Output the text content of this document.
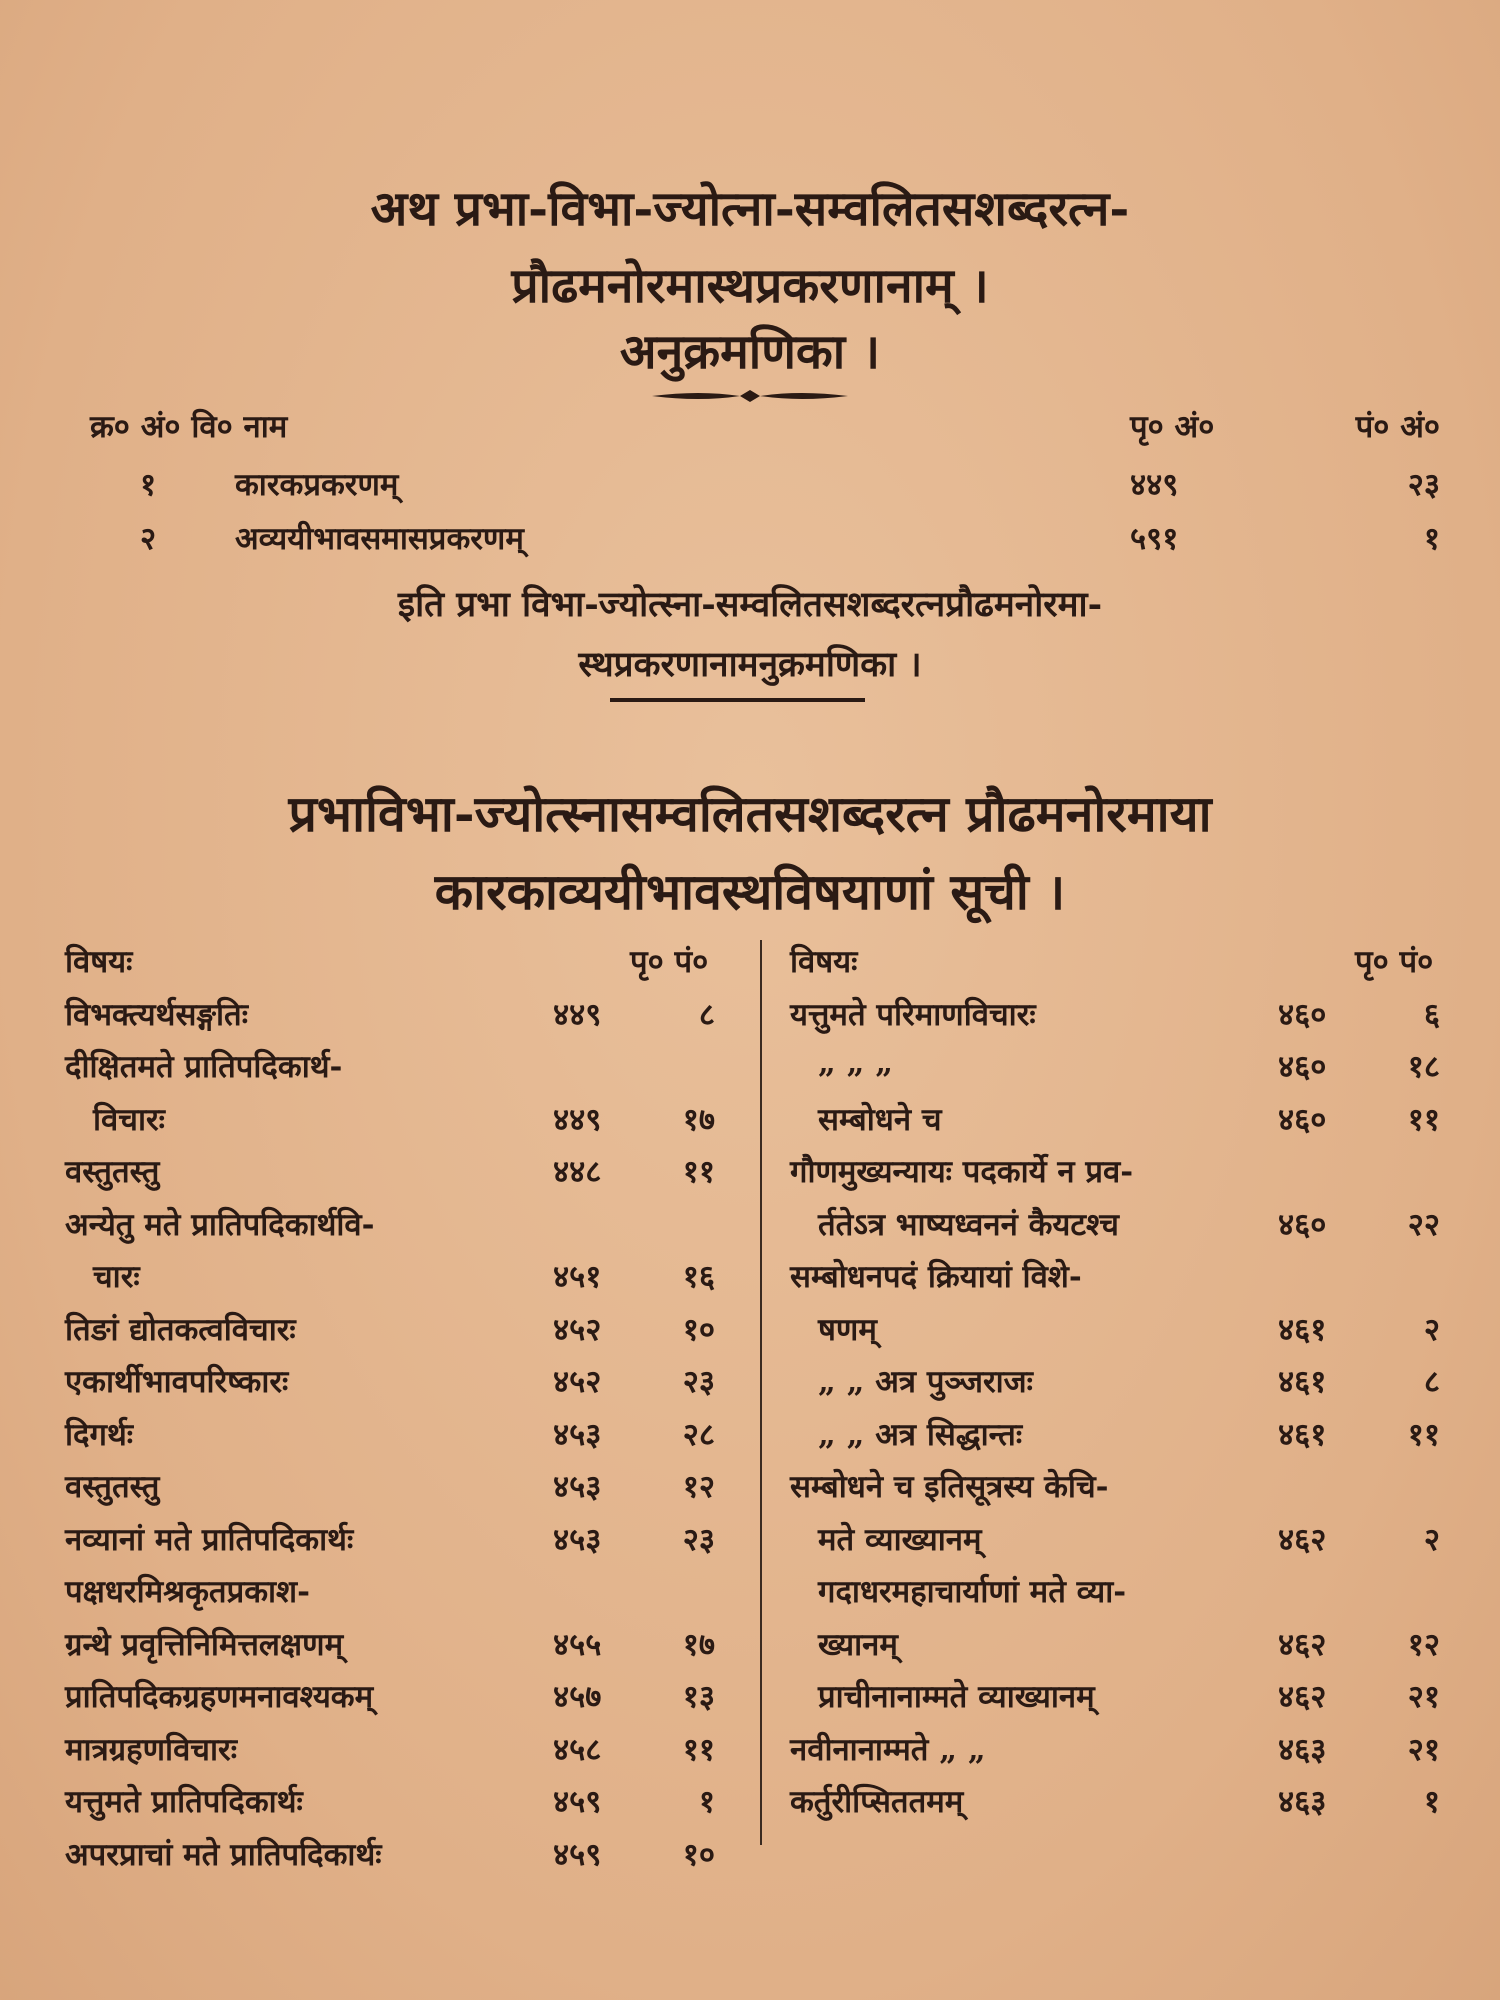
अथ प्रभा-विभा-ज्योत्ना-सम्वलितसशब्दरत्न-
प्रौढमनोरमास्थप्रकरणानाम् ।
अनुक्रमणिका ।
क्र० अं० वि० नाम	पृ० अं०	पं० अं०
१	कारकप्रकरणम्	४४९	२३
२	अव्ययीभावसमासप्रकरणम्	५९१	१
इति प्रभा विभा-ज्योत्स्ना-सम्वलितसशब्दरत्नप्रौढमनोरमा-
स्थप्रकरणानामनुक्रमणिका ।
प्रभाविभा-ज्योत्स्नासम्वलितसशब्दरत्न प्रौढमनोरमाया
कारकाव्ययीभावस्थविषयाणां सूची ।
विषयः	पृ० पं०
विभक्त्यर्थसङ्गतिः	४४९	८
दीक्षितमते प्रातिपदिकार्थ-
विचारः	४४९	१७
वस्तुतस्तु	४४८	११
अन्येतु मते प्रातिपदिकार्थवि-
चारः	४५१	१६
तिङां द्योतकत्वविचारः	४५२	१०
एकार्थीभावपरिष्कारः	४५२	२३
दिगर्थः	४५३	२८
वस्तुतस्तु	४५३	१२
नव्यानां मते प्रातिपदिकार्थः	४५३	२३
पक्षधरमिश्रकृतप्रकाश-
ग्रन्थे प्रवृत्तिनिमित्तलक्षणम्	४५५	१७
प्रातिपदिकग्रहणमनावश्यकम्	४५७	१३
मात्रग्रहणविचारः	४५८	११
यत्तुमते प्रातिपदिकार्थः	४५९	१
अपरप्राचां मते प्रातिपदिकार्थः	४५९	१०
विषयः	पृ० पं०
यत्तुमते परिमाणविचारः	४६०	६
„ „ „	४६०	१८
सम्बोधने च	४६०	११
गौणमुख्यन्यायः पदकार्ये न प्रव-
र्ततेऽत्र भाष्यध्वननं कैयटश्च	४६०	२२
सम्बोधनपदं क्रियायां विशे-
षणम्	४६१	२
„ „ अत्र पुञ्जराजः	४६१	८
„ „ अत्र सिद्धान्तः	४६१	११
सम्बोधने च इतिसूत्रस्य केचि-
मते व्याख्यानम्	४६२	२
गदाधरमहाचार्याणां मते व्या-
ख्यानम्	४६२	१२
प्राचीनानाम्मते व्याख्यानम्	४६२	२१
नवीनानाम्मते „ „	४६३	२१
कर्तुरीप्सिततमम्	४६३	१
